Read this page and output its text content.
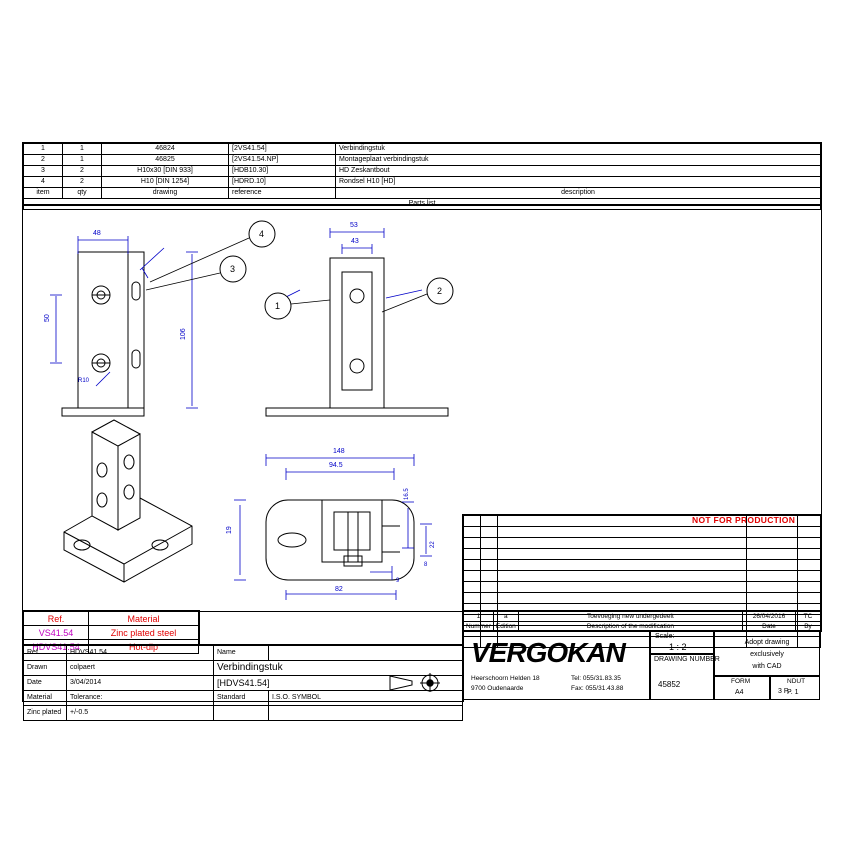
1	1	46824	[2VS41.54]	Verbindingstuk
2	1	46825	[2VS41.54.NP]	Montageplaat verbindingstuk
3	2	H10x30 [DIN 933]	[HDB10.30]	HD Zeskantbout
4	2	H10 [DIN 1254]	[HDRD.10]	Rondsel H10 [HD]
item	qty	drawing	reference	description
Parts list				
48
50
106
R10
53
43
148
94.5
19
82
16.5
22
8
9
4
3
1
2
NOT FOR PRODUCTION
Ref.	Material
VS41.54	Zinc plated steel
HDVS41.54	Hot-dip
Ref.	HDVS41.54	Name	
Drawn	colpaert	Verbindingstuk	
Date	3/04/2014	[HDVS41.54]	
Material	Tolerance:	Standard	I.S.O. SYMBOL
Zinc plated	+/-0.5		

1	a	Toevoeging new undergedeelt	26/04/2016	TC
Nummer	Edition	Description of the modification	Date	By
VERGOKAN
Heerschoorn Helden 18
9700 Oudenaarde
Tel: 055/31.83.35
Fax: 055/31.43.88
Scale:
1 : 2	Adopt drawing
exclusively
with CAD
DRAWING NUMBER
45852	FORM
A4
NDUT
P. 1
3 P.
